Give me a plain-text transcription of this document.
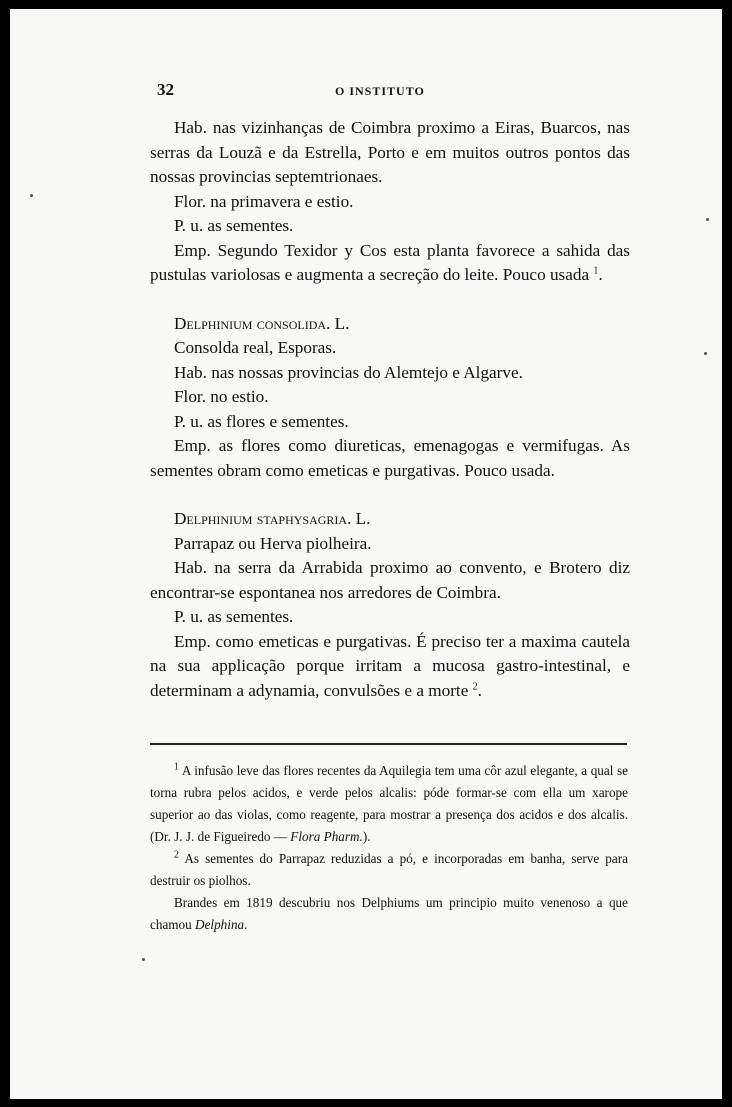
32	O INSTITUTO

Hab. nas vizinhanças de Coimbra proximo a Eiras, Buarcos, nas serras da Louzã e da Estrella, Porto e em muitos outros pontos das nossas provincias septemtrionaes.

Flor. na primavera e estio.

P. u. as sementes.

Emp. Segundo Texidor y Cos esta planta favorece a sahida das pustulas variolosas e augmenta a secreção do leite. Pouco usada $^1$.

Delphinium consolida. L.

Consolda real, Esporas.

Hab. nas nossas provincias do Alemtejo e Algarve.

Flor. no estio.

P. u. as flores e sementes.

Emp. as flores como diureticas, emenagogas e vermifugas. As sementes obram como emeticas e purgativas. Pouco usada.

Delphinium staphysagria. L.

Parrapaz ou Herva piolheira.

Hab. na serra da Arrabida proximo ao convento, e Brotero diz encontrar-se espontanea nos arredores de Coimbra.

P. u. as sementes.

Emp. como emeticas e purgativas. É preciso ter a maxima cautela na sua applicação porque irritam a mucosa gastro-intestinal, e determinam a adynamia, convulsões e a morte $^2$.

$^1$ A infusão leve das flores recentes da Aquilegia tem uma côr azul elegante, a qual se torna rubra pelos acidos, e verde pelos alcalis: póde formar-se com ella um xarope superior ao das violas, como reagente, para mostrar a presença dos acidos e dos alcalis. (Dr. J. J. de Figueiredo — Flora Pharm.).

$^2$ As sementes do Parrapaz reduzidas a pó, e incorporadas em banha, serve para destruir os piolhos.

Brandes em 1819 descubriu nos Delphiums um principio muito venenoso a que chamou Delphina.
